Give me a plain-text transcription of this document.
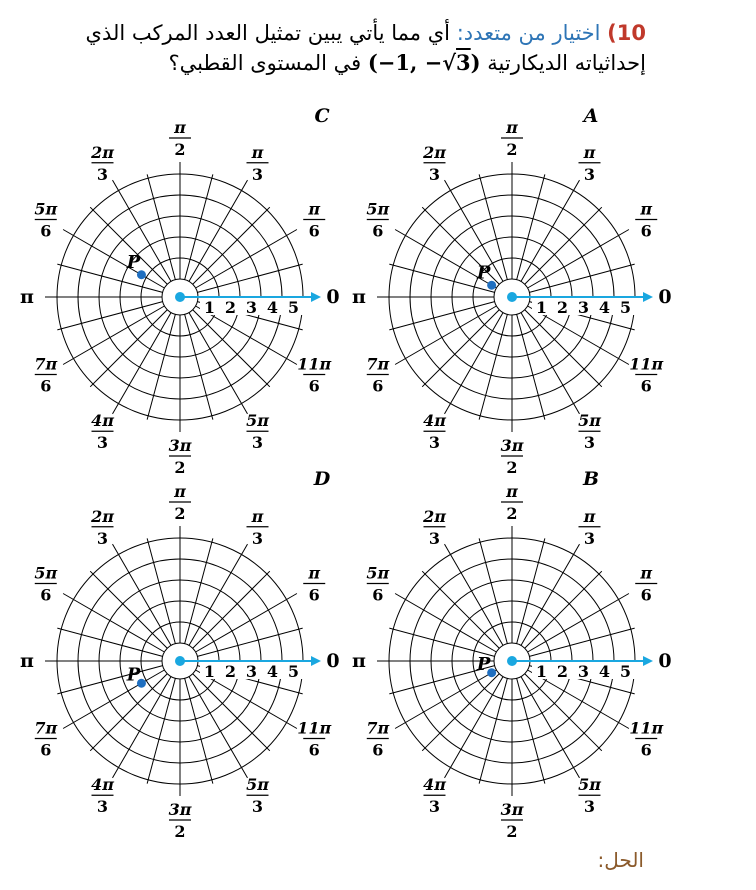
10) اختيار من متعدد: أي مما يأتي يبين تمثيل العدد المركب الذي إحداثياته الديكارتية (−1, −√3) في المستوى القطبي؟
C
1 2 3 4 5 0
π
6
π
3
π
2
2π
3
5π
6
π
7π
6
4π
3	3π
2
5π
3
11π
6
P
A
1 2 3 4 5 0
π
6
π
3
π
2
2π
3
5π
6
π
7π
6
4π
3	3π
2
5π
3
11π
6
P
D
1 2 3 4 5 0
π
6
π
3
π
2
2π
3
5π
6
π
7π
6
4π
3	3π
2
5π
3
11π
6
P
B
1 2 3 4 5 0
π
6
π
3
π
2
2π
3
5π
6
π
7π
6
4π
3	3π
2
5π
3
11π
6
P
الحل:
